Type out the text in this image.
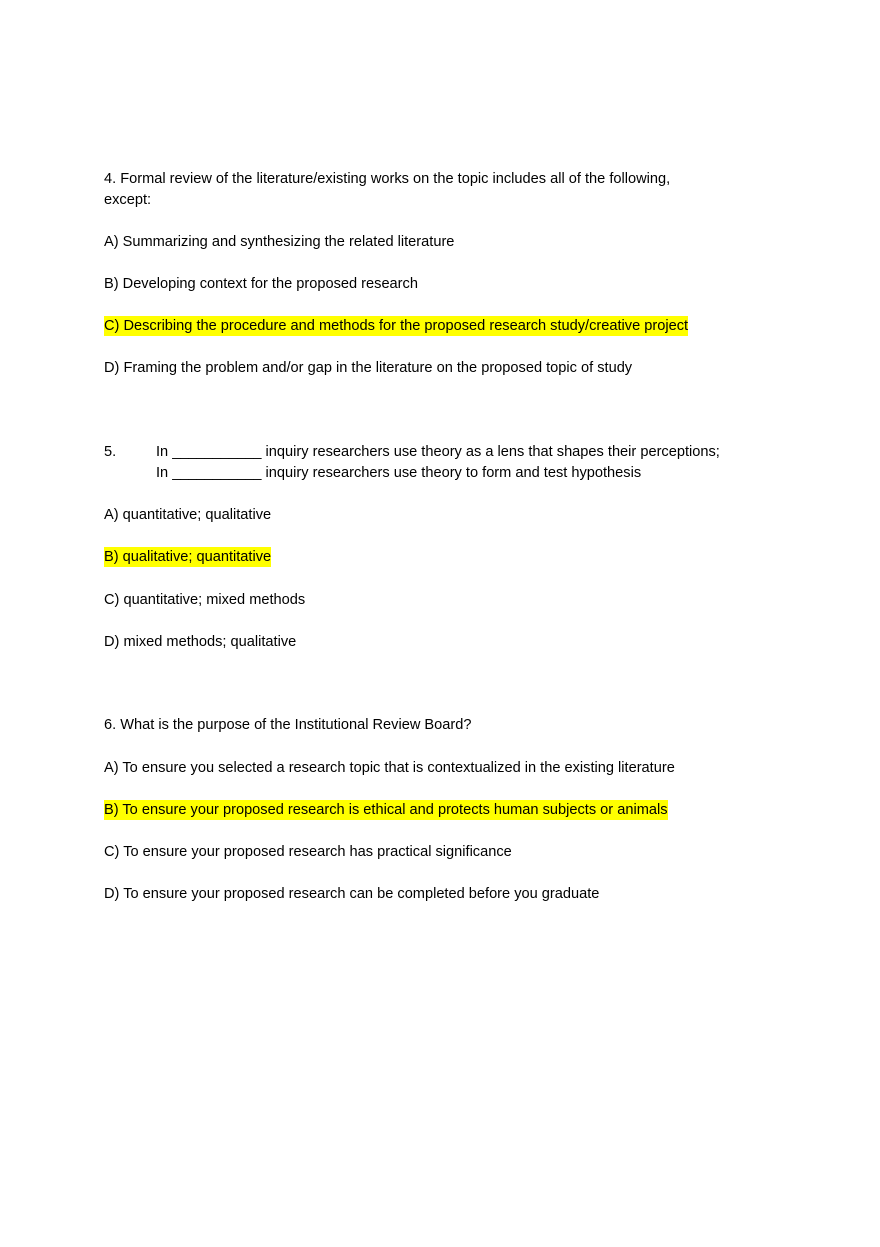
4. Formal review of the literature/existing works on the topic includes all of the following,
except:
A) Summarizing and synthesizing the related literature
B) Developing context for the proposed research
C) Describing the procedure and methods for the proposed research study/creative project
D) Framing the problem and/or gap in the literature on the proposed topic of study
5.	In ___________ inquiry researchers use theory as a lens that shapes their perceptions;
In ___________ inquiry researchers use theory to form and test hypothesis
A) quantitative; qualitative
B) qualitative; quantitative
C) quantitative; mixed methods
D) mixed methods; qualitative
6. What is the purpose of the Institutional Review Board?
A) To ensure you selected a research topic that is contextualized in the existing literature
B) To ensure your proposed research is ethical and protects human subjects or animals
C) To ensure your proposed research has practical significance
D) To ensure your proposed research can be completed before you graduate
